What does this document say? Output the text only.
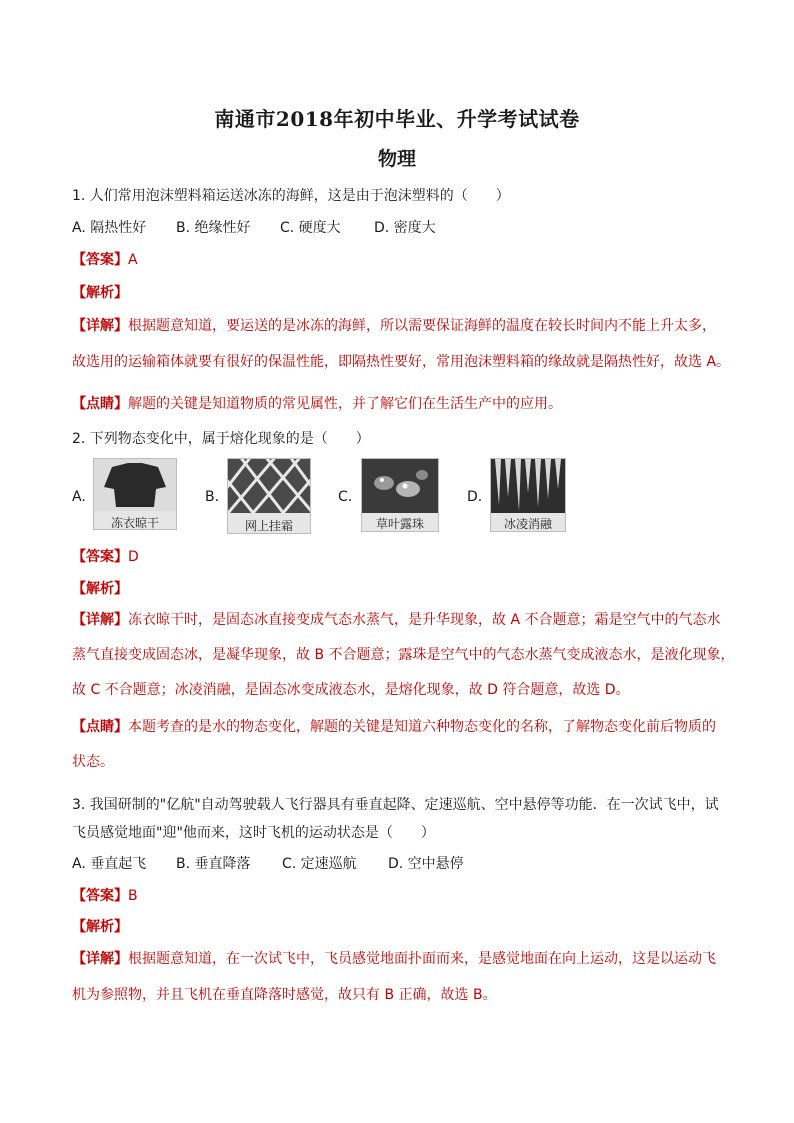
南通市2018年初中毕业、升学考试试卷
物理
1. 人们常用泡沫塑料箱运送冰冻的海鲜，这是由于泡沫塑料的（　　）
A. 隔热性好 B. 绝缘性好 C. 硬度大 D. 密度大
【答案】A
【解析】
【详解】根据题意知道，要运送的是冰冻的海鲜，所以需要保证海鲜的温度在较长时间内不能上升太多，
故选用的运输箱体就要有很好的保温性能，即隔热性要好，常用泡沫塑料箱的缘故就是隔热性好，故选 A。
【点睛】解题的关键是知道物质的常见属性，并了解它们在生活生产中的应用。
2. 下列物态变化中，属于熔化现象的是（　　）
A.
冻衣晾干
B.
网上挂霜
C.
草叶露珠
D.
冰凌消融
【答案】D
【解析】
【详解】冻衣晾干时，是固态冰直接变成气态水蒸气，是升华现象，故 A 不合题意；霜是空气中的气态水
蒸气直接变成固态冰，是凝华现象，故 B 不合题意；露珠是空气中的气态水蒸气变成液态水，是液化现象，
故 C 不合题意；冰凌消融，是固态冰变成液态水，是熔化现象，故 D 符合题意，故选 D。
【点睛】本题考查的是水的物态变化，解题的关键是知道六种物态变化的名称，了解物态变化前后物质的
状态。
3. 我国研制的"亿航"自动驾驶载人飞行器具有垂直起降、定速巡航、空中悬停等功能．在一次试飞中，试
飞员感觉地面"迎"他而来，这时飞机的运动状态是（　　）
A. 垂直起飞 B. 垂直降落 C. 定速巡航 D. 空中悬停
【答案】B
【解析】
【详解】根据题意知道，在一次试飞中，飞员感觉地面扑面而来，是感觉地面在向上运动，这是以运动飞
机为参照物，并且飞机在垂直降落时感觉，故只有 B 正确，故选 B。
